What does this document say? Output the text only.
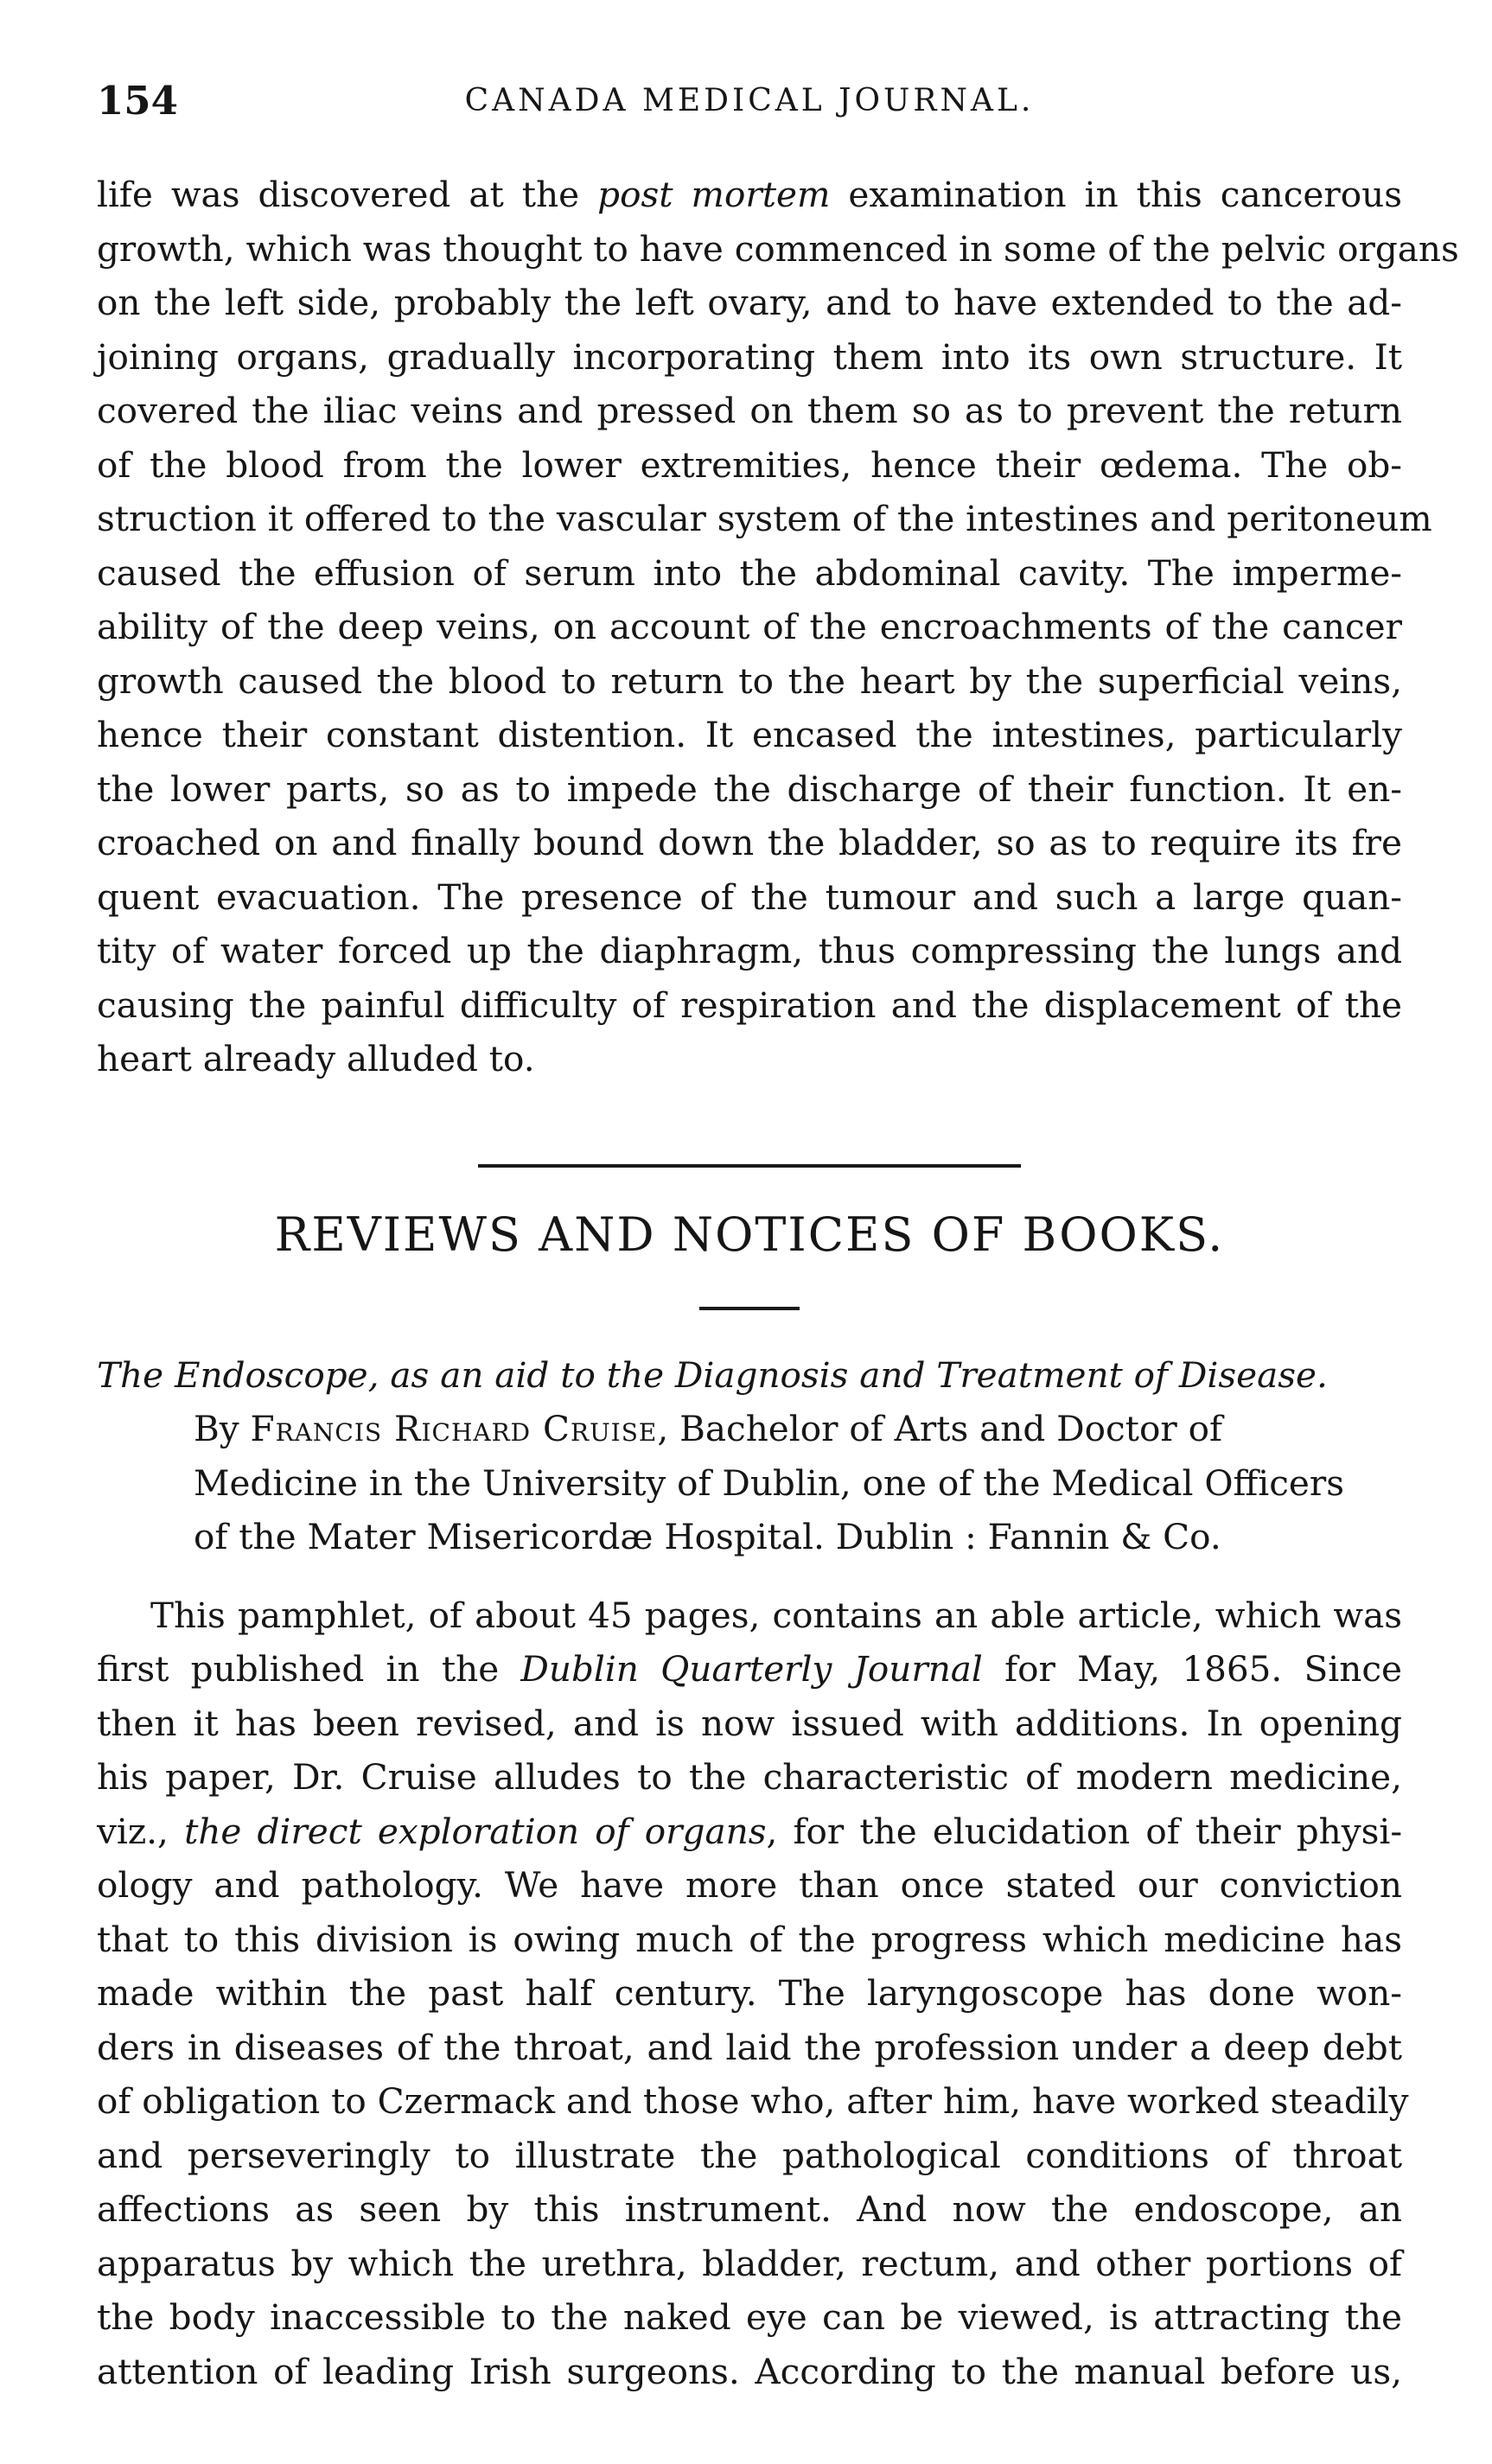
154	CANADA MEDICAL JOURNAL.

life was discovered at the post mortem examination in this cancerous
growth, which was thought to have commenced in some of the pelvic organs
on the left side, probably the left ovary, and to have extended to the ad-
joining organs, gradually incorporating them into its own structure. It
covered the iliac veins and pressed on them so as to prevent the return
of the blood from the lower extremities, hence their œdema. The ob-
struction it offered to the vascular system of the intestines and peritoneum
caused the effusion of serum into the abdominal cavity. The imperme-
ability of the deep veins, on account of the encroachments of the cancer
growth caused the blood to return to the heart by the superficial veins,
hence their constant distention. It encased the intestines, particularly
the lower parts, so as to impede the discharge of their function. It en-
croached on and finally bound down the bladder, so as to require its fre
quent evacuation. The presence of the tumour and such a large quan-
tity of water forced up the diaphragm, thus compressing the lungs and
causing the painful difficulty of respiration and the displacement of the
heart already alluded to.

REVIEWS AND NOTICES OF BOOKS.
The Endoscope, as an aid to the Diagnosis and Treatment of Disease.
By Francis Richard Cruise, Bachelor of Arts and Doctor of
Medicine in the University of Dublin, one of the Medical Officers
of the Mater Misericordæ Hospital. Dublin : Fannin & Co.

This pamphlet, of about 45 pages, contains an able article, which was
first published in the Dublin Quarterly Journal for May, 1865. Since
then it has been revised, and is now issued with additions. In opening
his paper, Dr. Cruise alludes to the characteristic of modern medicine,
viz., the direct exploration of organs, for the elucidation of their physi-
ology and pathology. We have more than once stated our conviction
that to this division is owing much of the progress which medicine has
made within the past half century. The laryngoscope has done won-
ders in diseases of the throat, and laid the profession under a deep debt
of obligation to Czermack and those who, after him, have worked steadily
and perseveringly to illustrate the pathological conditions of throat
affections as seen by this instrument. And now the endoscope, an
apparatus by which the urethra, bladder, rectum, and other portions of
the body inaccessible to the naked eye can be viewed, is attracting the
attention of leading Irish surgeons. According to the manual before us,
